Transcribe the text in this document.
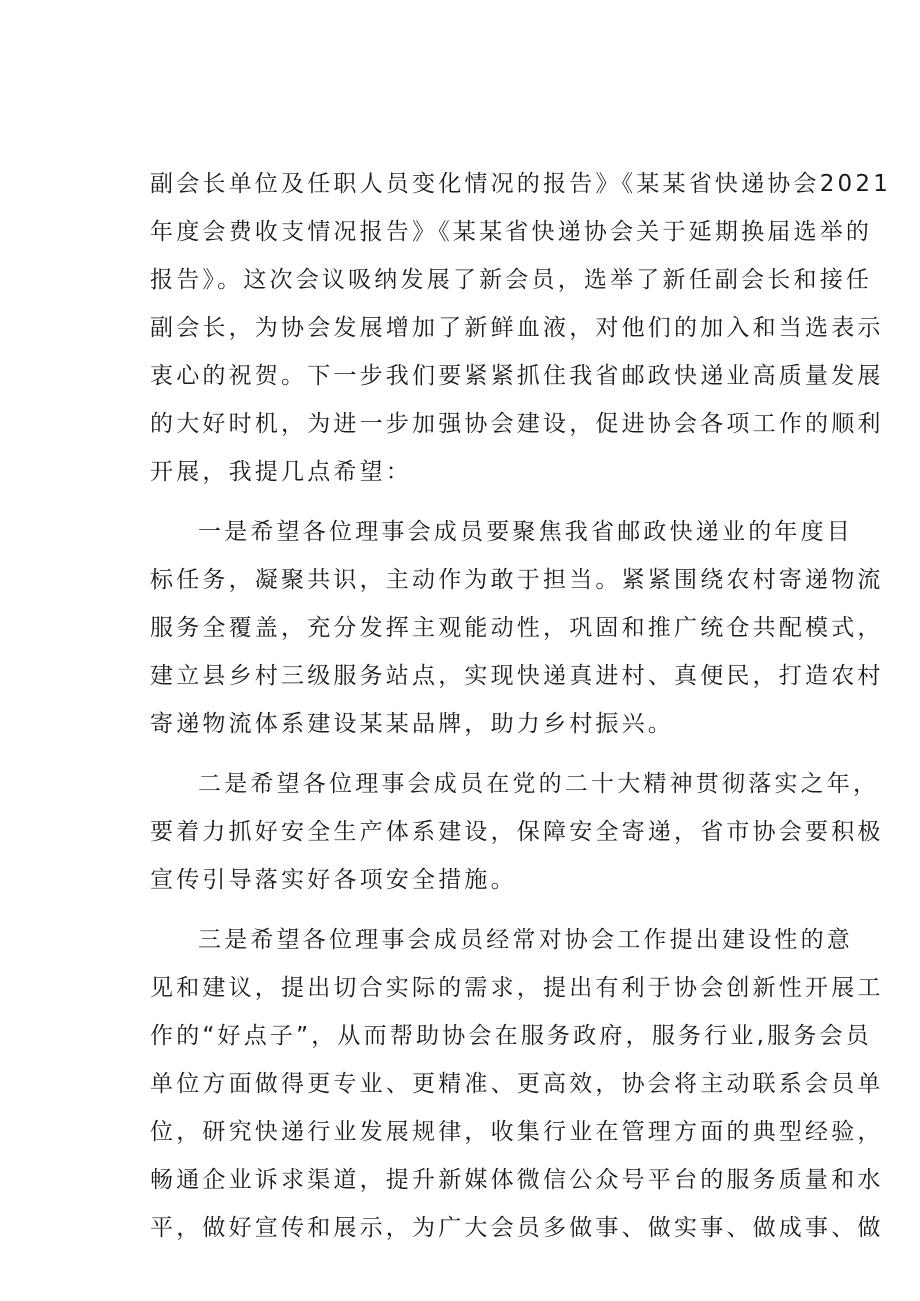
副会长单位及任职人员变化情况的报告》《某某省快递协会2021
年度会费收支情况报告》《某某省快递协会关于延期换届选举的
报告》。这次会议吸纳发展了新会员，选举了新任副会长和接任
副会长，为协会发展增加了新鲜血液，对他们的加入和当选表示
衷心的祝贺。下一步我们要紧紧抓住我省邮政快递业高质量发展
的大好时机，为进一步加强协会建设，促进协会各项工作的顺利
开展，我提几点希望：
一是希望各位理事会成员要聚焦我省邮政快递业的年度目
标任务，凝聚共识，主动作为敢于担当。紧紧围绕农村寄递物流
服务全覆盖，充分发挥主观能动性，巩固和推广统仓共配模式，
建立县乡村三级服务站点，实现快递真进村、真便民，打造农村
寄递物流体系建设某某品牌，助力乡村振兴。
二是希望各位理事会成员在党的二十大精神贯彻落实之年，
要着力抓好安全生产体系建设，保障安全寄递，省市协会要积极
宣传引导落实好各项安全措施。
三是希望各位理事会成员经常对协会工作提出建设性的意
见和建议，提出切合实际的需求，提出有利于协会创新性开展工
作的“好点子”，从而帮助协会在服务政府，服务行业,服务会员
单位方面做得更专业、更精准、更高效，协会将主动联系会员单
位，研究快递行业发展规律，收集行业在管理方面的典型经验，
畅通企业诉求渠道，提升新媒体微信公众号平台的服务质量和水
平，做好宣传和展示，为广大会员多做事、做实事、做成事、做
